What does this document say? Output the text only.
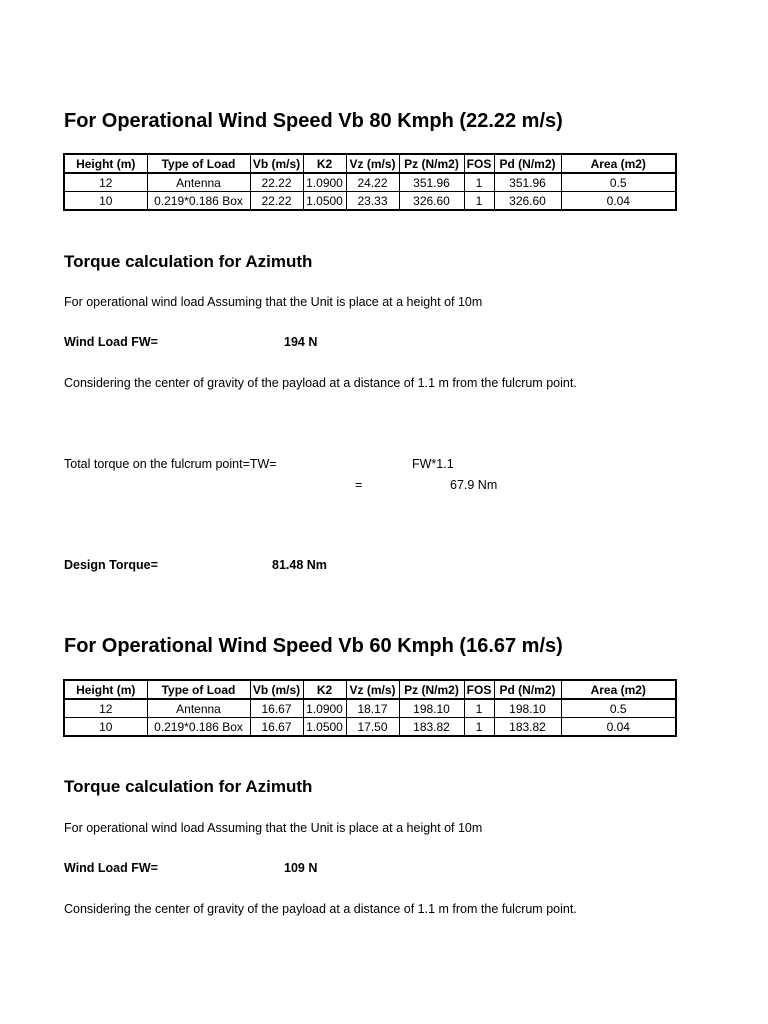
For Operational Wind Speed Vb 80 Kmph (22.22 m/s)
Height (m)	Type of Load	Vb (m/s)	K2	Vz (m/s)	Pz (N/m2)	FOS	Pd (N/m2)	Area (m2)
12	Antenna	22.22	1.0900	24.22	351.96	1	351.96	0.5
10	0.219*0.186 Box	22.22	1.0500	23.33	326.60	1	326.60	0.04
Torque calculation for Azimuth
For operational wind load Assuming that the Unit is place at a height of 10m
Wind Load FW=	194 N
Considering the center of gravity of the payload at a distance of 1.1 m from the fulcrum point.
Total torque on the fulcrum point=TW=	FW*1.1
=	67.9 Nm
Design Torque=	81.48 Nm
For Operational Wind Speed Vb 60 Kmph (16.67 m/s)
Height (m)	Type of Load	Vb (m/s)	K2	Vz (m/s)	Pz (N/m2)	FOS	Pd (N/m2)	Area (m2)
12	Antenna	16.67	1.0900	18.17	198.10	1	198.10	0.5
10	0.219*0.186 Box	16.67	1.0500	17.50	183.82	1	183.82	0.04
Torque calculation for Azimuth
For operational wind load Assuming that the Unit is place at a height of 10m
Wind Load FW=	109 N
Considering the center of gravity of the payload at a distance of 1.1 m from the fulcrum point.
